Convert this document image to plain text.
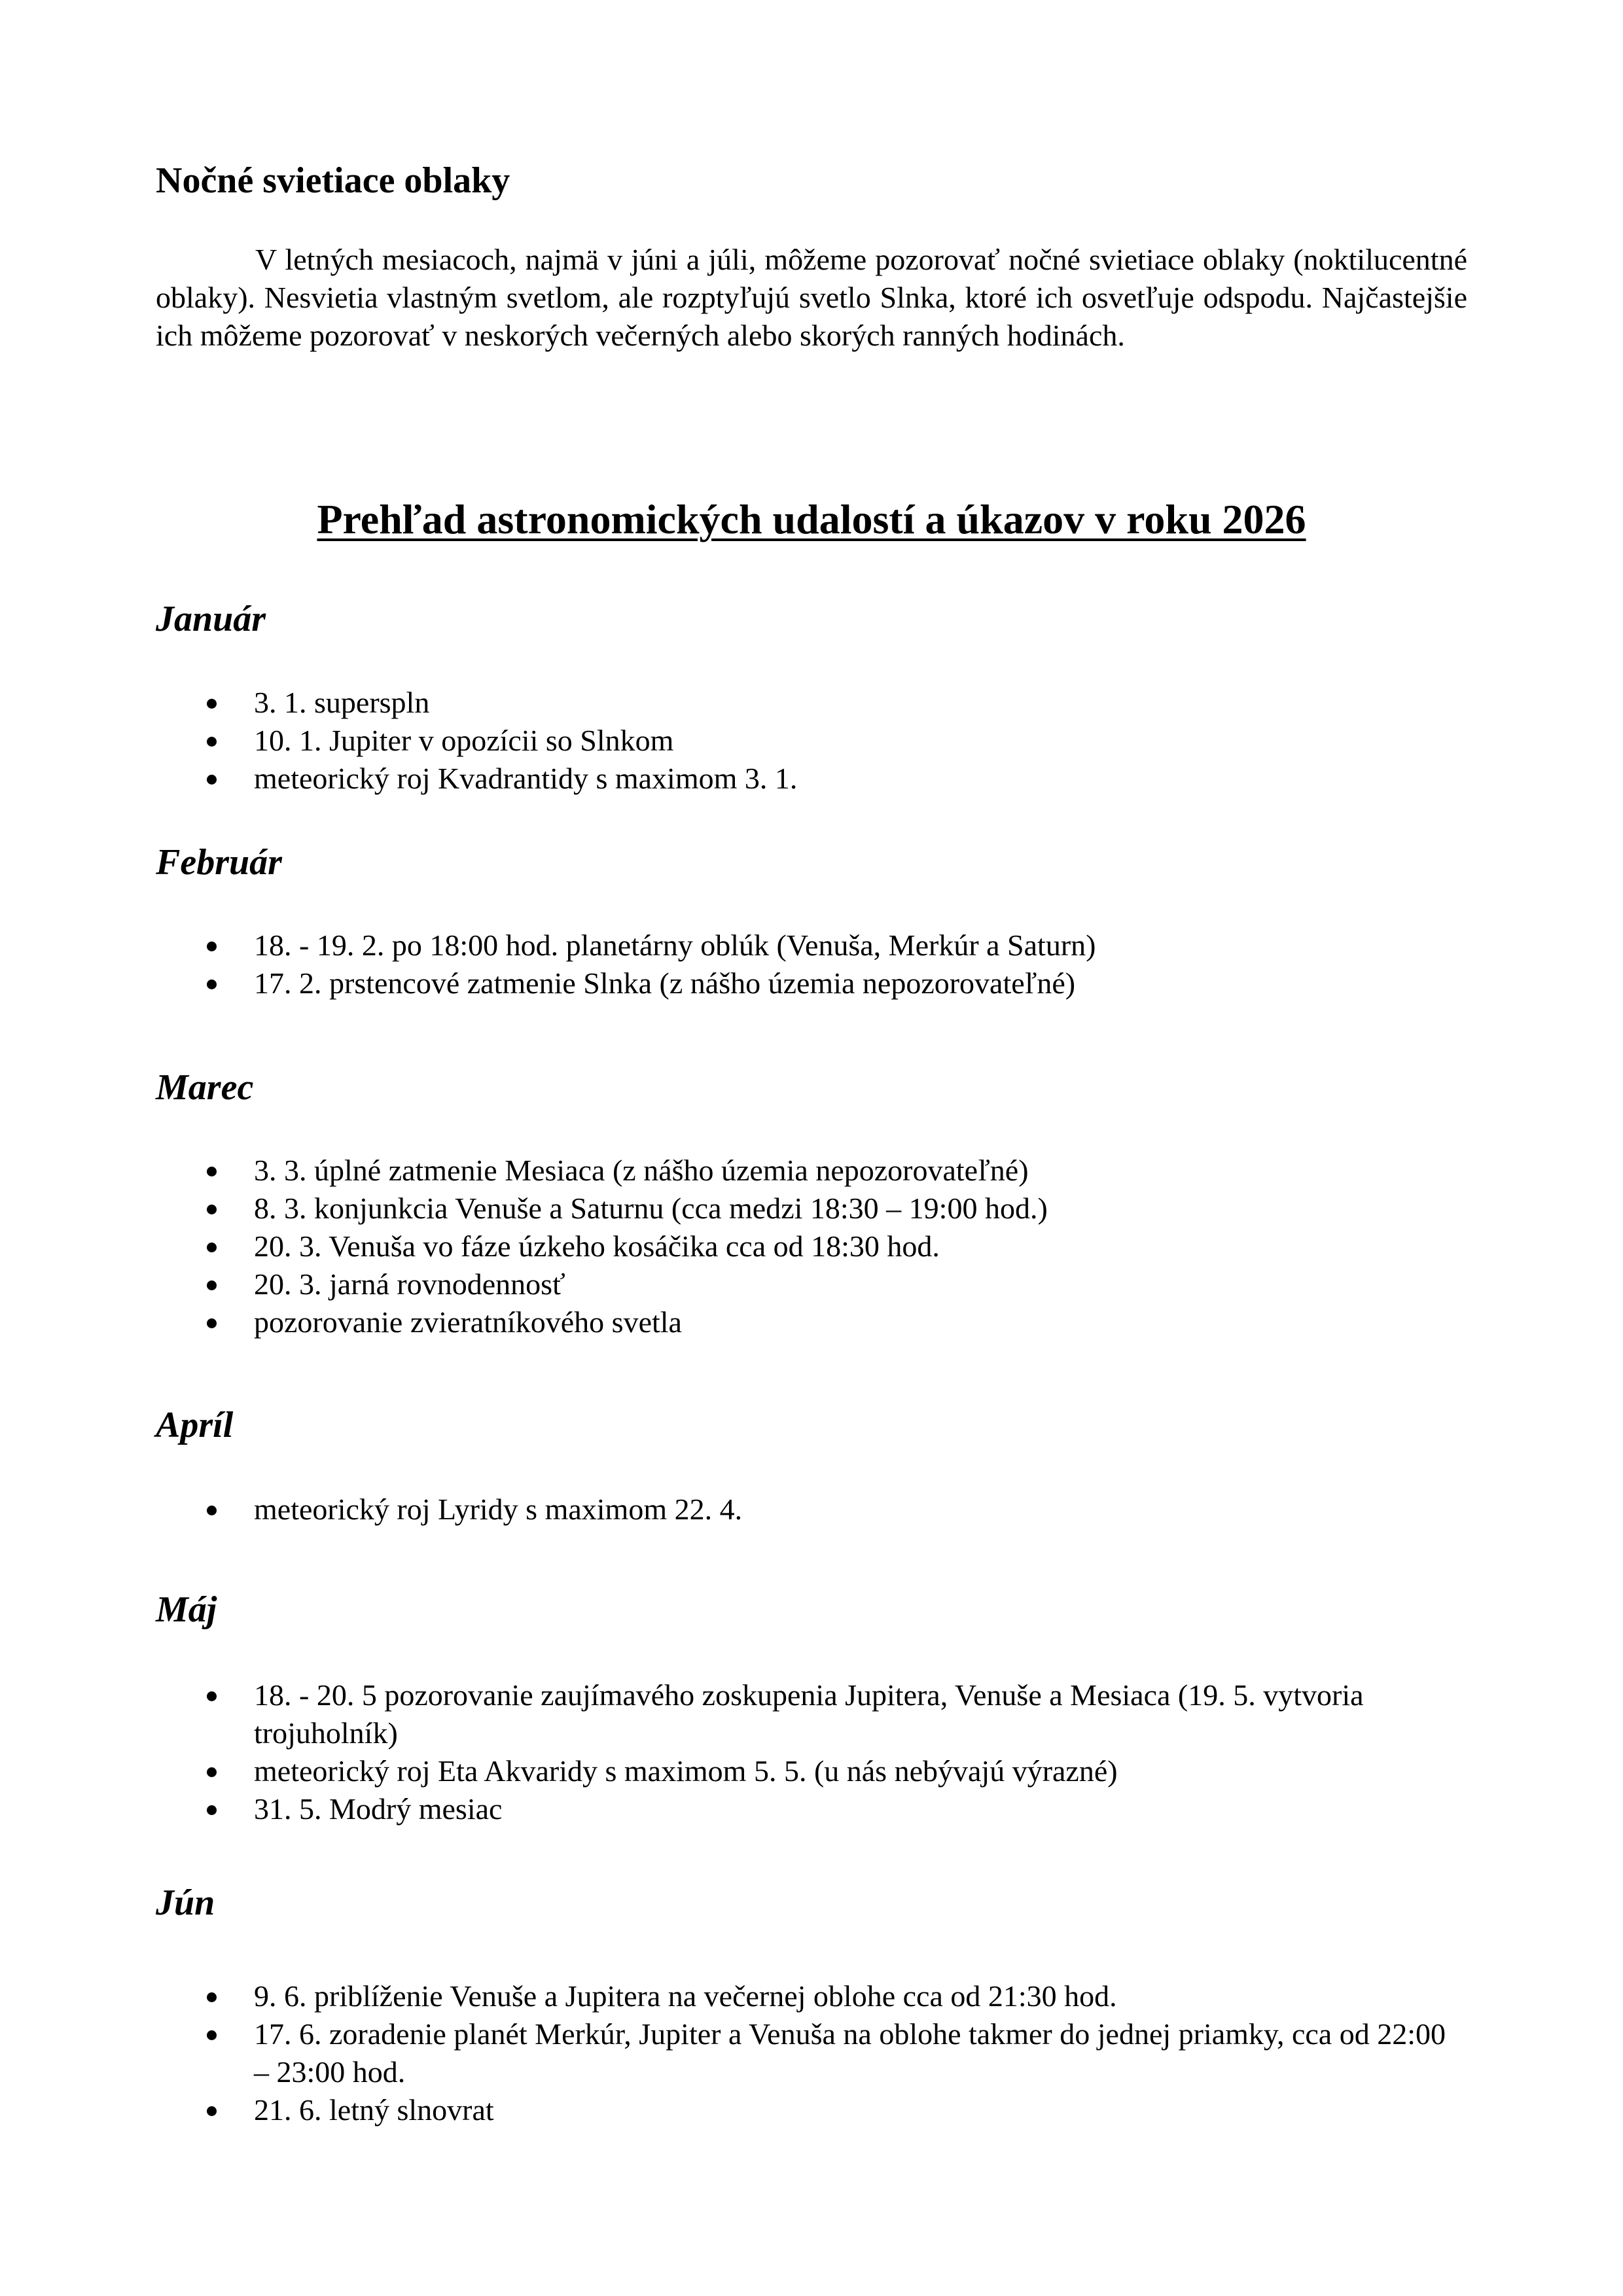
Nočné svietiace oblaky

V letných mesiacoch, najmä v júni a júli, môžeme pozorovať nočné svietiace oblaky (noktilucentné oblaky). Nesvietia vlastným svetlom, ale rozptyľujú svetlo Slnka, ktoré ich osvetľuje odspodu. Najčastejšie ich môžeme pozorovať v neskorých večerných alebo skorých ranných hodinách.

Prehľad astronomických udalostí a úkazov v roku 2026
Január
3. 1. superspln
10. 1. Jupiter v opozícii so Slnkom
meteorický roj Kvadrantidy s maximom 3. 1.
Február
18. - 19. 2. po 18:00 hod. planetárny oblúk (Venuša, Merkúr a Saturn)
17. 2. prstencové zatmenie Slnka (z nášho územia nepozorovateľné)
Marec
3. 3. úplné zatmenie Mesiaca (z nášho územia nepozorovateľné)
8. 3. konjunkcia Venuše a Saturnu (cca medzi 18:30 – 19:00 hod.)
20. 3. Venuša vo fáze úzkeho kosáčika cca od 18:30 hod.
20. 3. jarná rovnodennosť
pozorovanie zvieratníkového svetla
Apríl
meteorický roj Lyridy s maximom 22. 4.
Máj
18. - 20. 5 pozorovanie zaujímavého zoskupenia Jupitera, Venuše a Mesiaca (19. 5. vytvoria trojuholník)
meteorický roj Eta Akvaridy s maximom 5. 5. (u nás nebývajú výrazné)
31. 5. Modrý mesiac
Jún
9. 6. priblíženie Venuše a Jupitera na večernej oblohe cca od 21:30 hod.
17. 6. zoradenie planét Merkúr, Jupiter a Venuša na oblohe takmer do jednej priamky, cca od 22:00 – 23:00 hod.
21. 6. letný slnovrat
